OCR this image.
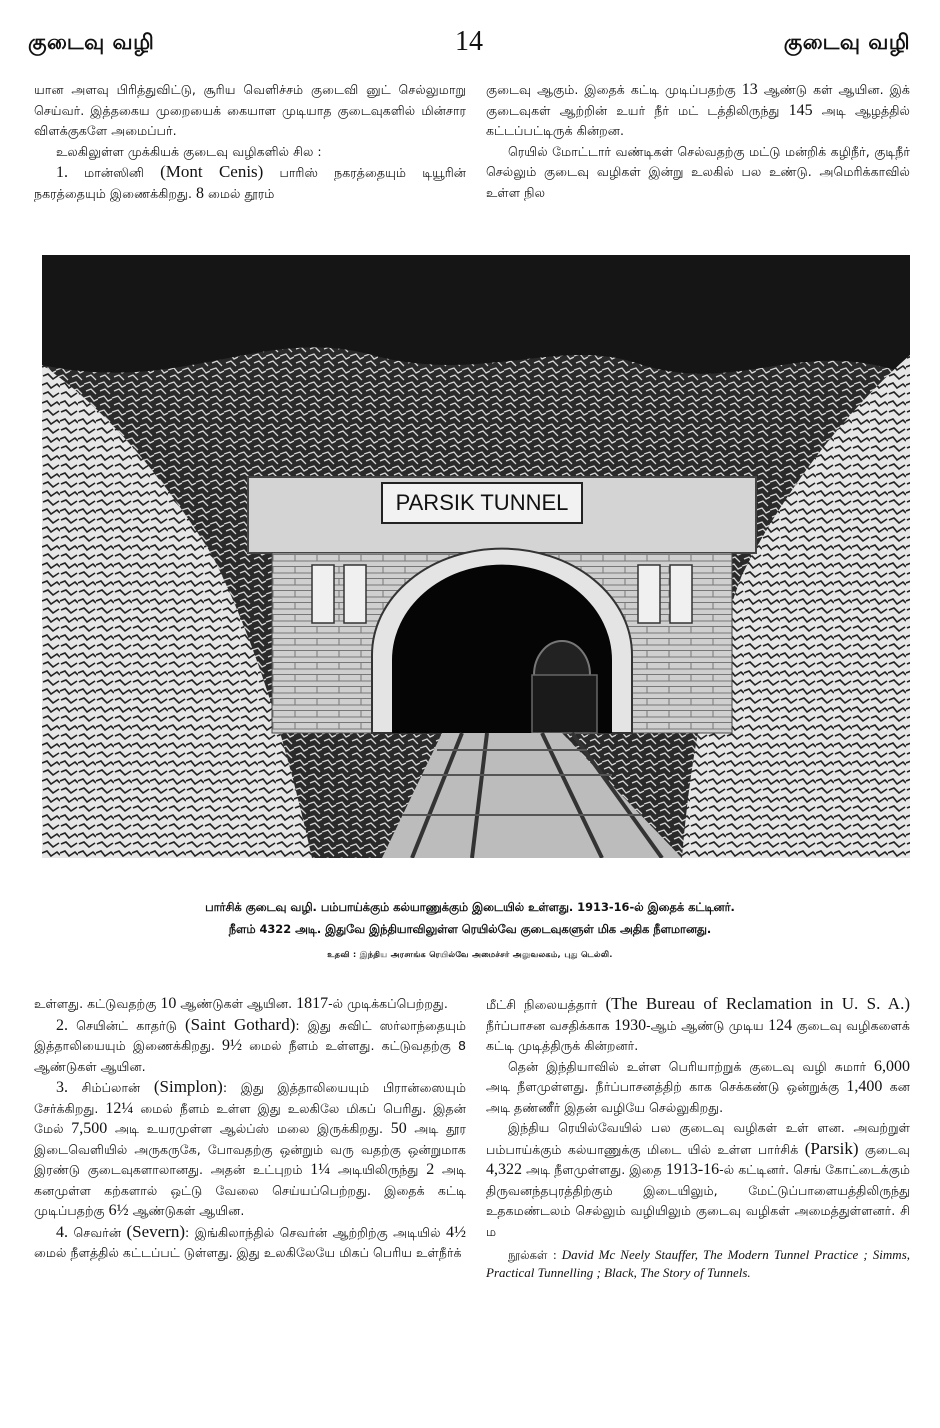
குடைவு வழி	14	குடைவு வழி

யான அளவு பிரித்துவிட்டு, சூரிய வெளிச்சம் குடைவி னுட் செல்லுமாறு செய்வர். இத்தகைய முறையைக் கையாள முடியாத குடைவுகளில் மின்சார விளக்குகளே அமைப்பர்.

உலகிலுள்ள முக்கியக் குடைவு வழிகளில் சில :

1. மான்ஸினி (Mont Cenis) பாரிஸ் நகரத்தையும் டியூரின் நகரத்தையும் இணைக்கிறது. 8 மைல் தூரம்

குடைவு ஆகும். இதைக் கட்டி முடிப்பதற்கு 13 ஆண்டு கள் ஆயின. இக் குடைவுகள் ஆற்றின் உயர் நீர் மட் டத்திலிருந்து 145 அடி ஆழத்தில் கட்டப்பட்டிருக் கின்றன.

ரெயில் மோட்டார் வண்டிகள் செல்வதற்கு மட்டு மன்றிக் கழிநீர், குடிநீர் செல்லும் குடைவு வழிகள் இன்று உலகில் பல உண்டு. அமெரிக்காவில் உள்ள நில

PARSIK TUNNEL
பார்சிக் குடைவு வழி. பம்பாய்க்கும் கல்யாணுக்கும் இடையில் உள்ளது. 1913-16-ல் இதைக் கட்டினர்.
நீளம் 4322 அடி. இதுவே இந்தியாவிலுள்ள ரெயில்வே குடைவுகளுள் மிக அதிக நீளமானது.
உதவி : இந்திய அரசாங்க ரெயில்வே அமைச்சர் அலுவலகம், புது டெல்லி.

உள்ளது. கட்டுவதற்கு 10 ஆண்டுகள் ஆயின. 1817-ல் முடிக்கப்பெற்றது.

2. செயின்ட் காதர்டு (Saint Gothard): இது சுவிட் ஸர்லாந்தையும் இத்தாலியையும் இணைக்கிறது. 9½ மைல் நீளம் உள்ளது. கட்டுவதற்கு 8 ஆண்டுகள் ஆயின.

3. சிம்ப்லான் (Simplon): இது இத்தாலியையும் பிரான்ஸையும் சேர்க்கிறது. 12¼ மைல் நீளம் உள்ள இது உலகிலே மிகப் பெரிது. இதன் மேல் 7,500 அடி உயரமுள்ள ஆல்ப்ஸ் மலை இருக்கிறது. 50 அடி தூர இடைவெளியில் அருகருகே, போவதற்கு ஒன்றும் வரு வதற்கு ஒன்றுமாக இரண்டு குடைவுகளாலானது. அதன் உட்புறம் 1¼ அடியிலிருந்து 2 அடி கனமுள்ள கற்களால் ஒட்டு வேலை செய்யப்பெற்றது. இதைக் கட்டி முடிப்பதற்கு 6½ ஆண்டுகள் ஆயின.

4. செவர்ன் (Severn): இங்கிலாந்தில் செவர்ன் ஆற்றிற்கு அடியில் 4½ மைல் நீளத்தில் கட்டப்பட் டுள்ளது. இது உலகிலேயே மிகப் பெரிய உள்நீர்க்

மீட்சி நிலையத்தார் (The Bureau of Reclamation in U. S. A.) நீர்ப்பாசன வசதிக்காக 1930-ஆம் ஆண்டு முடிய 124 குடைவு வழிகளைக் கட்டி முடித்திருக் கின்றனர்.

தென் இந்தியாவில் உள்ள பெரியாற்றுக் குடைவு வழி சுமார் 6,000 அடி நீளமுள்ளது. நீர்ப்பாசனத்திற் காக செக்கண்டு ஒன்றுக்கு 1,400 கன அடி தண்ணீர் இதன் வழியே செல்லுகிறது.

இந்திய ரெயில்வேயில் பல குடைவு வழிகள் உள் ளன. அவற்றுள் பம்பாய்க்கும் கல்யாணுக்கு மிடை யில் உள்ள பார்சிக் (Parsik) குடைவு 4,322 அடி நீளமுள்ளது. இதை 1913-16-ல் கட்டினர். செங் கோட்டைக்கும் திருவனந்தபுரத்திற்கும் இடையிலும், மேட்டுப்பாளையத்திலிருந்து உதகமண்டலம் செல்லும் வழியிலும் குடைவு வழிகள் அமைத்துள்ளனர். சி ம

நூல்கள் : David Mc Neely Stauffer, The Modern Tunnel Practice ; Simms, Practical Tunnelling ; Black, The Story of Tunnels.
